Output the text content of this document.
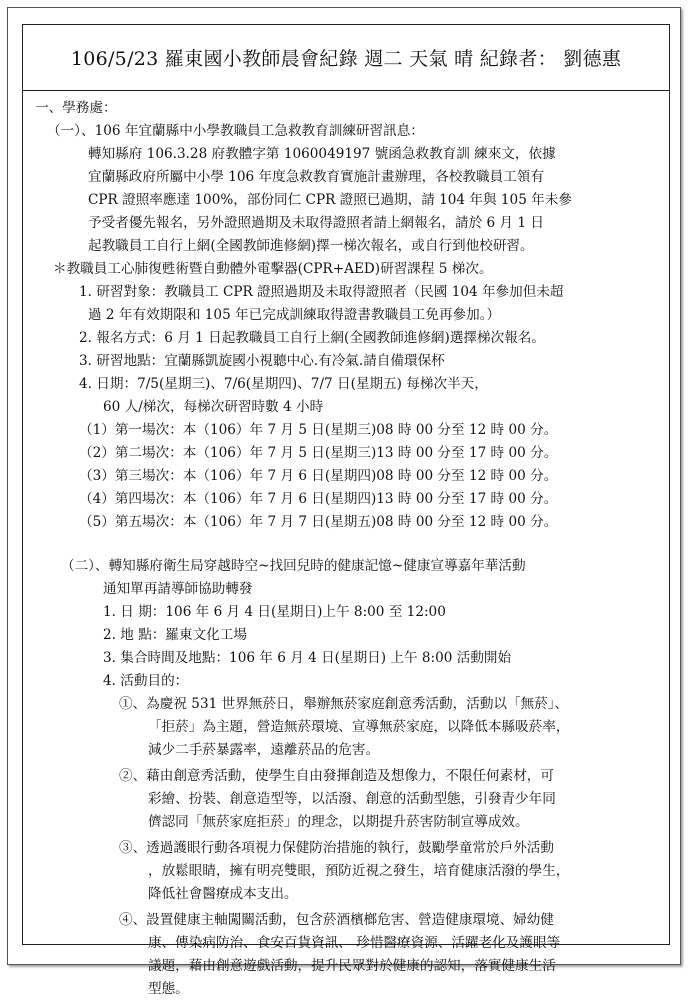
106/5/23 羅東國小教師晨會紀錄 週二 天氣 晴 紀錄者： 劉德惠
一、學務處：
（一）、106 年宜蘭縣中小學教職員工急救教育訓練研習訊息：
轉知縣府 106.3.28 府教體字第 1060049197 號函急救教育訓 練來文，依據
宜蘭縣政府所屬中小學 106 年度急救教育實施計畫辦理，各校教職員工領有
CPR 證照率應達 100%，部份同仁 CPR 證照已過期，請 104 年與 105 年未參
予受者優先報名，另外證照過期及未取得證照者請上網報名，請於 6 月 1 日
起教職員工自行上網(全國教師進修網)擇一梯次報名，或自行到他校研習。
＊教職員工心肺復甦術暨自動體外電擊器(CPR+AED)研習課程 5 梯次。
1. 研習對象：教職員工 CPR 證照過期及未取得證照者（民國 104 年參加但未超
過 2 年有效期限和 105 年已完成訓練取得證書教職員工免再參加。）
2. 報名方式：6 月 1 日起教職員工自行上網(全國教師進修網)選擇梯次報名。
3. 研習地點：宜蘭縣凱旋國小視聽中心.有冷氣.請自備環保杯
4. 日期：7/5(星期三)、7/6(星期四)、7/7 日(星期五) 每梯次半天，
60 人/梯次，每梯次研習時數 4 小時
（1）第一場次：本（106）年 7 月 5 日(星期三)08 時 00 分至 12 時 00 分。
（2）第二場次：本（106）年 7 月 5 日(星期三)13 時 00 分至 17 時 00 分。
（3）第三場次：本（106）年 7 月 6 日(星期四)08 時 00 分至 12 時 00 分。
（4）第四場次：本（106）年 7 月 6 日(星期四)13 時 00 分至 17 時 00 分。
（5）第五場次：本（106）年 7 月 7 日(星期五)08 時 00 分至 12 時 00 分。
（二）、轉知縣府衛生局穿越時空~找回兒時的健康記憶~健康宣導嘉年華活動
通知單再請導師協助轉發
1. 日 期：106 年 6 月 4 日(星期日)上午 8:00 至 12:00
2. 地 點：羅東文化工場
3. 集合時間及地點：106 年 6 月 4 日(星期日) 上午 8:00 活動開始
4. 活動目的：
①、為慶祝 531 世界無菸日，舉辦無菸家庭創意秀活動，活動以「無菸」、
「拒菸」為主題，營造無菸環境、宣導無菸家庭，以降低本縣吸菸率，
減少二手菸暴露率，遠離菸品的危害。
②、藉由創意秀活動，使學生自由發揮創造及想像力，不限任何素材，可
彩繪、扮裝、創意造型等，以活潑、創意的活動型態，引發青少年同
儕認同「無菸家庭拒菸」的理念，以期提升菸害防制宣導成效。
③、透過護眼行動各項視力保健防治措施的執行，鼓勵學童常於戶外活動
，放鬆眼睛，擁有明亮雙眼，預防近視之發生，培育健康活潑的學生，
降低社會醫療成本支出。
④、設置健康主軸闖關活動，包含菸酒檳榔危害、營造健康環境、婦幼健
康、傳染病防治、食安百貨資訊、 珍惜醫療資源、活躍老化及護眼等
議題，藉由創意遊戲活動，提升民眾對於健康的認知，落實健康生活
型態。
